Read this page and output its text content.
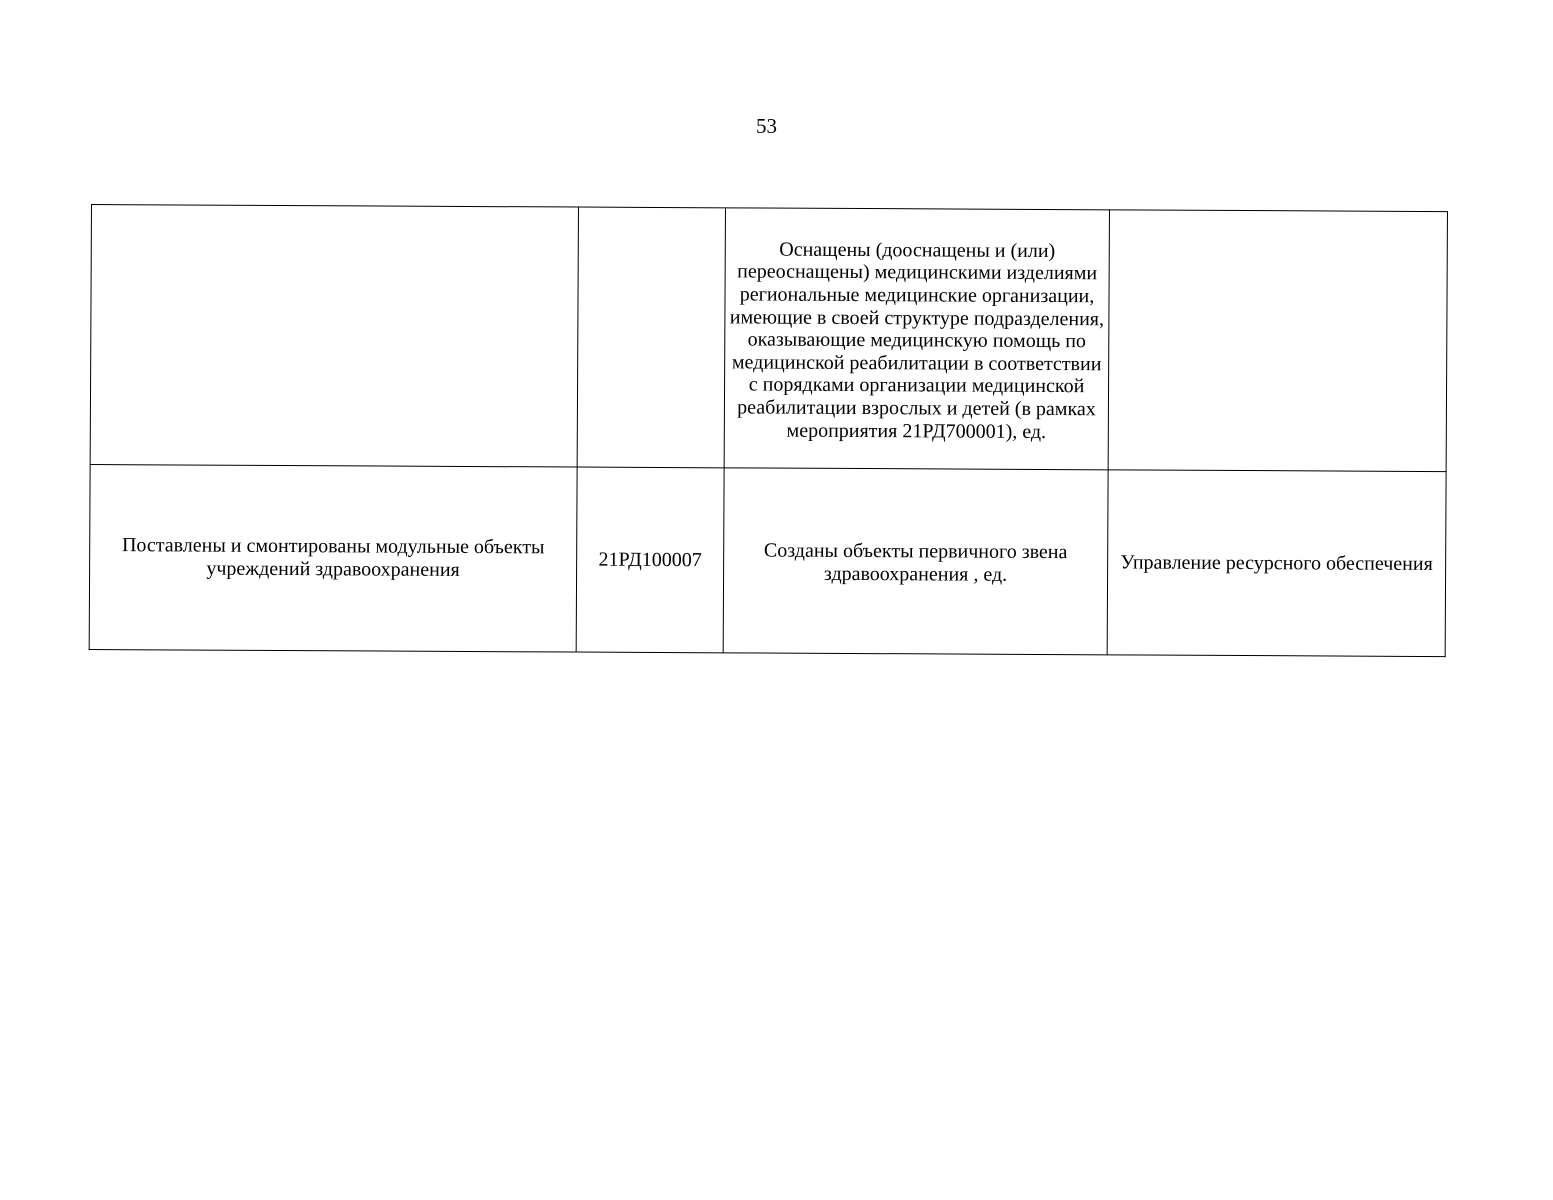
53

		Оснащены (дооснащены и (или) переоснащены) медицинскими изделиями региональные медицинские организации, имеющие в своей структуре подразделения, оказывающие медицинскую помощь по медицинской реабилитации в соответствии с порядками организации медицинской реабилитации взрослых и детей (в рамках мероприятия 21РД700001), ед.	

Поставлены и смонтированы модульные объекты учреждений здравоохранения	21РД100007	Созданы объекты первичного звена здравоохранения , ед.	Управление ресурсного обеспечения
